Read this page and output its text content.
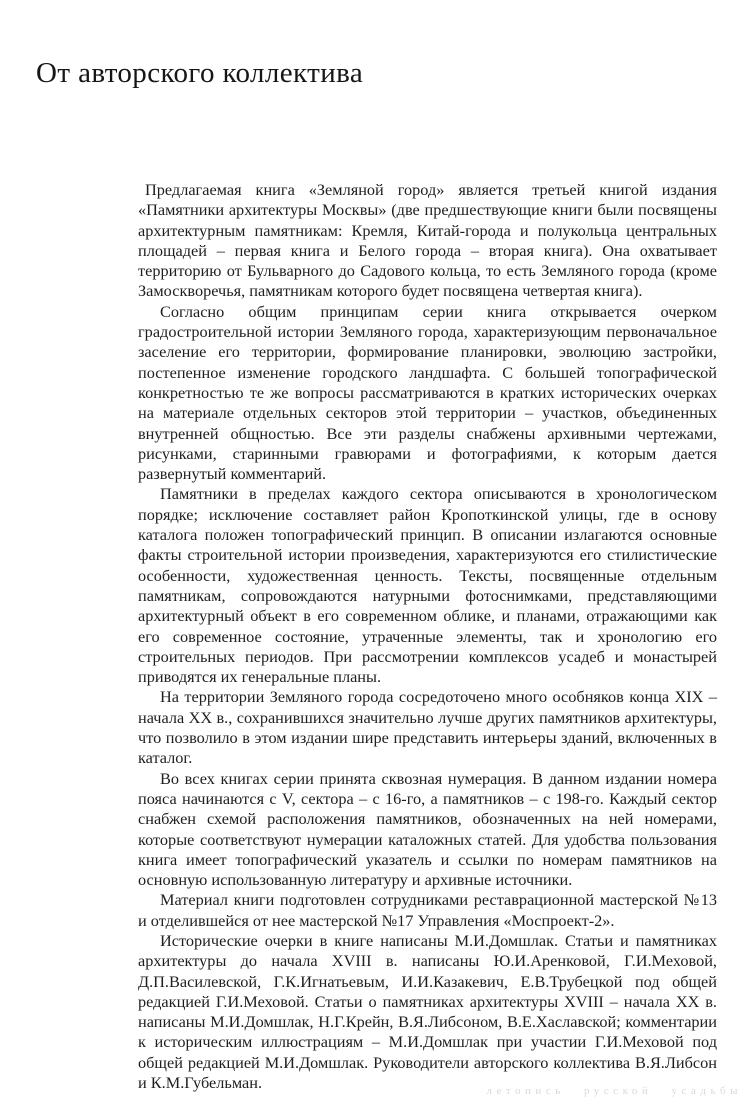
От авторского коллектива

Предлагаемая книга «Земляной город» является третьей книгой издания «Памятники архитектуры Москвы» (две предшествующие книги были посвящены архитектурным памятникам: Кремля, Китай-города и полукольца центральных площадей – первая книга и Белого города – вторая книга). Она охватывает территорию от Бульварного до Садового кольца, то есть Земляного города (кроме Замоскворечья, памятникам которого будет посвящена четвертая книга).

Согласно общим принципам серии книга открывается очерком градостроительной истории Земляного города, характеризующим первоначальное заселение его территории, формирование планировки, эволюцию застройки, постепенное изменение городского ландшафта. С большей топографической конкретностью те же вопросы рассматриваются в кратких исторических очерках на материале отдельных секторов этой территории – участков, объединенных внутренней общностью. Все эти разделы снабжены архивными чертежами, рисунками, старинными гравюрами и фотографиями, к которым дается развернутый комментарий.

Памятники в пределах каждого сектора описываются в хронологическом порядке; исключение составляет район Кропоткинской улицы, где в основу каталога положен топографический принцип. В описании излагаются основные факты строительной истории произведения, характеризуются его стилистические особенности, художественная ценность. Тексты, посвященные отдельным памятникам, сопровождаются натурными фотоснимками, представляющими архитектурный объект в его современном облике, и планами, отражающими как его современное состояние, утраченные элементы, так и хронологию его строительных периодов. При рассмотрении комплексов усадеб и монастырей приводятся их генеральные планы.

На территории Земляного города сосредоточено много особняков конца XIX – начала XX в., сохранившихся значительно лучше других памятников архитектуры, что позволило в этом издании шире представить интерьеры зданий, включенных в каталог.

Во всех книгах серии принята сквозная нумерация. В данном издании номера пояса начинаются с V, сектора – с 16-го, а памятников – с 198-го. Каждый сектор снабжен схемой расположения памятников, обозначенных на ней номерами, которые соответствуют нумерации каталожных статей. Для удобства пользования книга имеет топографический указатель и ссылки по номерам памятников на основную использованную литературу и архивные источники.

Материал книги подготовлен сотрудниками реставрационной мастерской №13 и отделившейся от нее мастерской №17 Управления «Моспроект-2».

Исторические очерки в книге написаны М.И.Домшлак. Статьи и памятниках архитектуры до начала XVIII в. написаны Ю.И.Аренковой, Г.И.Меховой, Д.П.Василевской, Г.К.Игнатьевым, И.И.Казакевич, Е.В.Трубецкой под общей редакцией Г.И.Меховой. Статьи о памятниках архитектуры XVIII – начала XX в. написаны М.И.Домшлак, Н.Г.Крейн, В.Я.Либсоном, В.Е.Хаславской; комментарии к историческим иллюстрациям – М.И.Домшлак при участии Г.И.Меховой под общей редакцией М.И.Домшлак. Руководители авторского коллектива В.Я.Либсон и К.М.Губельман.	летопись русской усадьбы
